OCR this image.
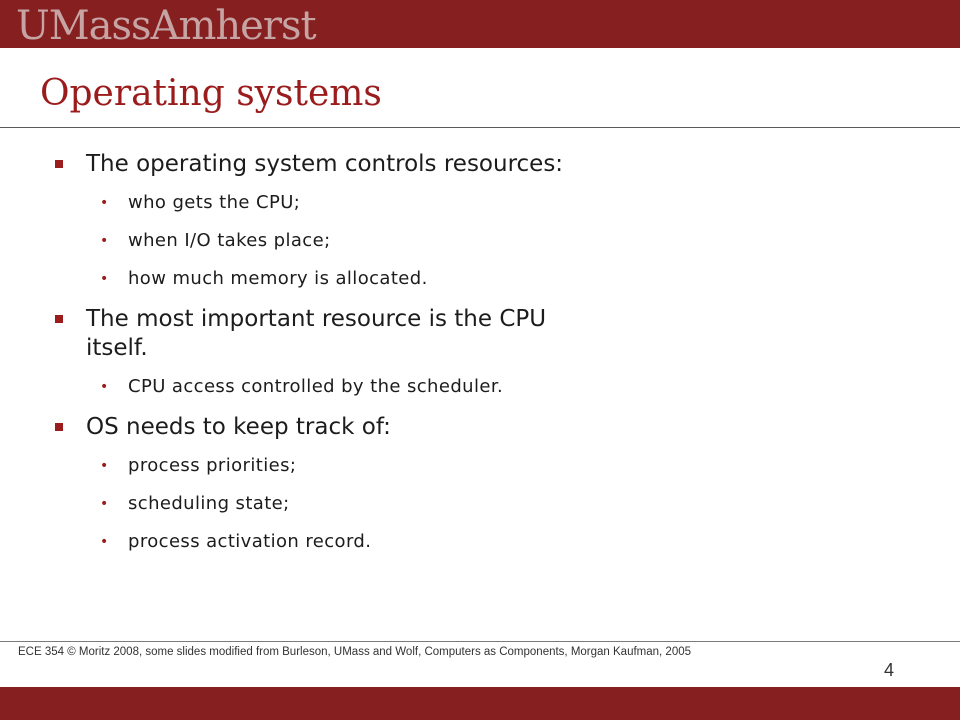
UMassAmherst
Operating systems
The operating system controls resources:
• who gets the CPU;
• when I/O takes place;
• how much memory is allocated.
The most important resource is the CPU itself.
• CPU access controlled by the scheduler.
OS needs to keep track of:
• process priorities;
• scheduling state;
• process activation record.
ECE 354 © Moritz 2008, some slides modified from Burleson, UMass and Wolf, Computers as Components, Morgan Kaufman, 2005
4
